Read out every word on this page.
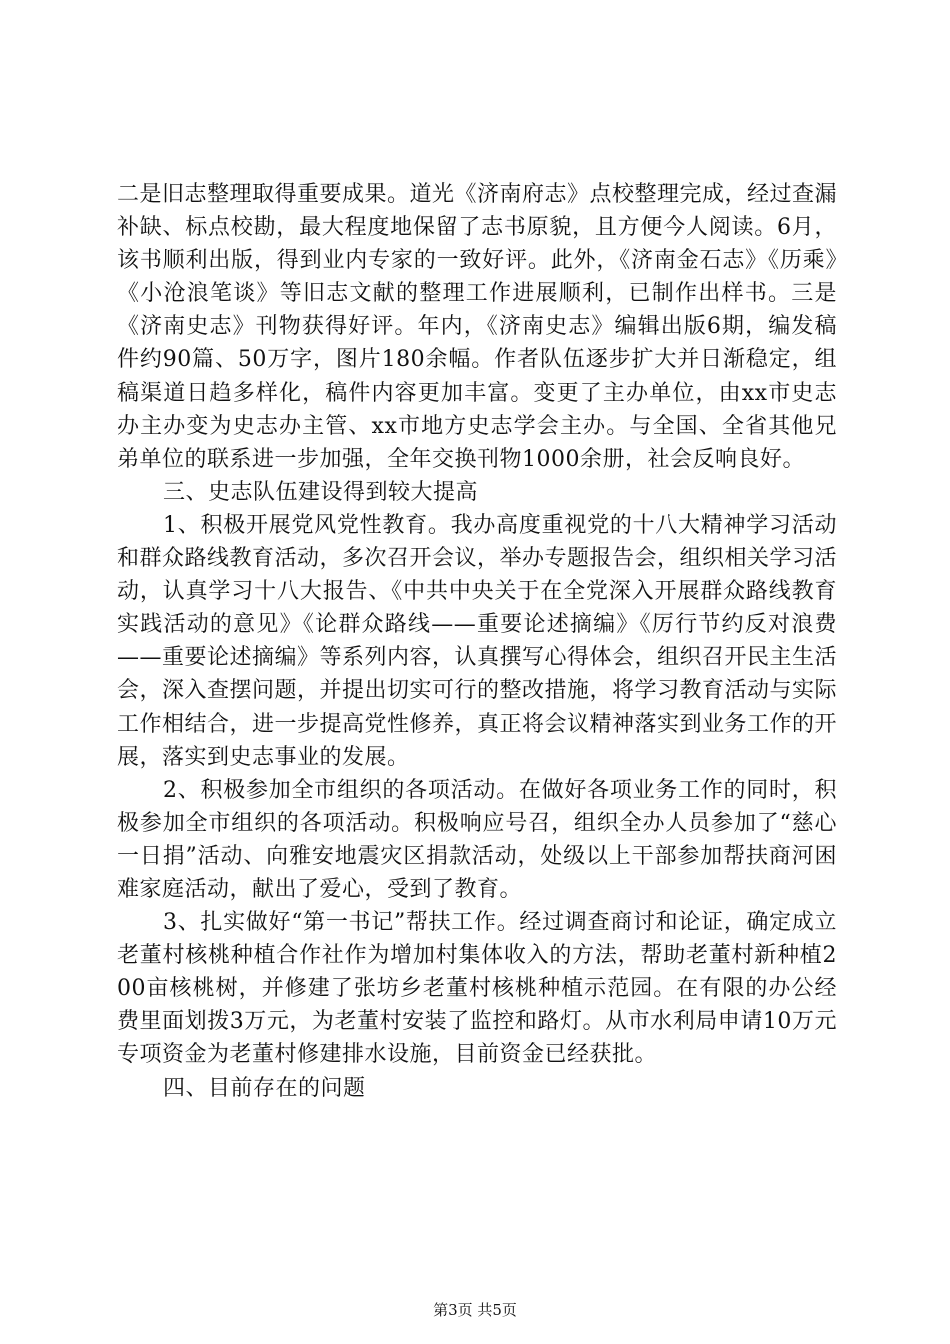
二是旧志整理取得重要成果。道光《济南府志》点校整理完成，经过查漏补缺、标点校勘，最大程度地保留了志书原貌，且方便今人阅读。6月，该书顺利出版，得到业内专家的一致好评。此外，《济南金石志》《历乘》《小沧浪笔谈》等旧志文献的整理工作进展顺利，已制作出样书。三是《济南史志》刊物获得好评。年内，《济南史志》编辑出版6期，编发稿件约90篇、50万字，图片180余幅。作者队伍逐步扩大并日渐稳定，组稿渠道日趋多样化，稿件内容更加丰富。变更了主办单位，由xx市史志办主办变为史志办主管、xx市地方史志学会主办。与全国、全省其他兄弟单位的联系进一步加强，全年交换刊物1000余册，社会反响良好。

三、史志队伍建设得到较大提高

1、积极开展党风党性教育。我办高度重视党的十八大精神学习活动和群众路线教育活动，多次召开会议，举办专题报告会，组织相关学习活动，认真学习十八大报告、《中共中央关于在全党深入开展群众路线教育实践活动的意见》《论群众路线——重要论述摘编》《厉行节约反对浪费——重要论述摘编》等系列内容，认真撰写心得体会，组织召开民主生活会，深入查摆问题，并提出切实可行的整改措施，将学习教育活动与实际工作相结合，进一步提高党性修养，真正将会议精神落实到业务工作的开展，落实到史志事业的发展。

2、积极参加全市组织的各项活动。在做好各项业务工作的同时，积极参加全市组织的各项活动。积极响应号召，组织全办人员参加了“慈心一日捐”活动、向雅安地震灾区捐款活动，处级以上干部参加帮扶商河困难家庭活动，献出了爱心，受到了教育。

3、扎实做好“第一书记”帮扶工作。经过调查商讨和论证，确定成立老董村核桃种植合作社作为增加村集体收入的方法，帮助老董村新种植200亩核桃树，并修建了张坊乡老董村核桃种植示范园。在有限的办公经费里面划拨3万元，为老董村安装了监控和路灯。从市水利局申请10万元专项资金为老董村修建排水设施，目前资金已经获批。

四、目前存在的问题

第3页 共5页
